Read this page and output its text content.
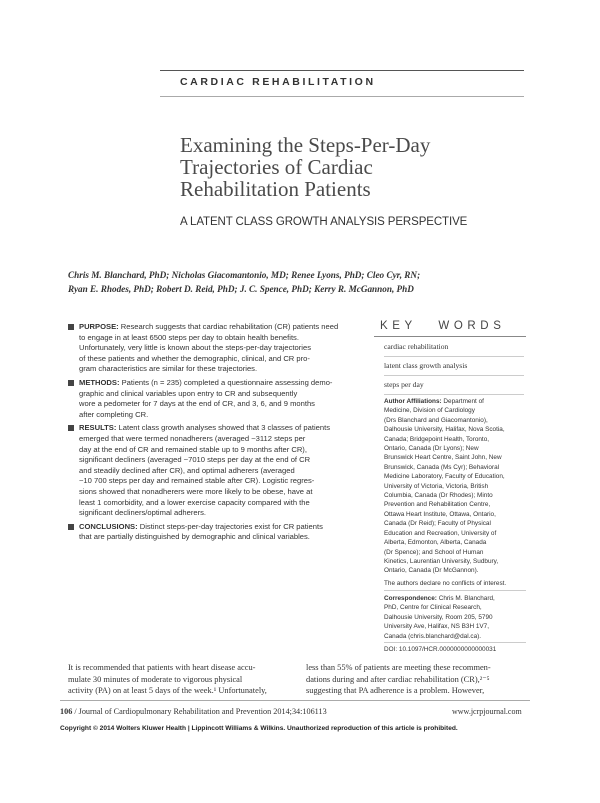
CARDIAC REHABILITATION
Examining the Steps-Per-Day
Trajectories of Cardiac
Rehabilitation Patients
A LATENT CLASS GROWTH ANALYSIS PERSPECTIVE
Chris M. Blanchard, PhD; Nicholas Giacomantonio, MD; Renee Lyons, PhD; Cleo Cyr, RN;
Ryan E. Rhodes, PhD; Robert D. Reid, PhD; J. C. Spence, PhD; Kerry R. McGannon, PhD
PURPOSE: Research suggests that cardiac rehabilitation (CR) patients need
to engage in at least 6500 steps per day to obtain health benefits.
Unfortunately, very little is known about the steps-per-day trajectories
of these patients and whether the demographic, clinical, and CR pro-
gram characteristics are similar for these trajectories.
METHODS: Patients (n = 235) completed a questionnaire assessing demo-
graphic and clinical variables upon entry to CR and subsequently
wore a pedometer for 7 days at the end of CR, and 3, 6, and 9 months
after completing CR.
RESULTS: Latent class growth analyses showed that 3 classes of patients
emerged that were termed nonadherers (averaged ~3112 steps per
day at the end of CR and remained stable up to 9 months after CR),
significant decliners (averaged ~7010 steps per day at the end of CR
and steadily declined after CR), and optimal adherers (averaged
~10 700 steps per day and remained stable after CR). Logistic regres-
sions showed that nonadherers were more likely to be obese, have at
least 1 comorbidity, and a lower exercise capacity compared with the
significant decliners/optimal adherers.
CONCLUSIONS: Distinct steps-per-day trajectories exist for CR patients
that are partially distinguished by demographic and clinical variables.
KEY WORDS
cardiac rehabilitation
latent class growth analysis
steps per day
Author Affiliations: Department of
Medicine, Division of Cardiology
(Drs Blanchard and Giacomantonio),
Dalhousie University, Halifax, Nova Scotia,
Canada; Bridgepoint Health, Toronto,
Ontario, Canada (Dr Lyons); New
Brunswick Heart Centre, Saint John, New
Brunswick, Canada (Ms Cyr); Behavioral
Medicine Laboratory, Faculty of Education,
University of Victoria, Victoria, British
Columbia, Canada (Dr Rhodes); Minto
Prevention and Rehabilitation Centre,
Ottawa Heart Institute, Ottawa, Ontario,
Canada (Dr Reid); Faculty of Physical
Education and Recreation, University of
Alberta, Edmonton, Alberta, Canada
(Dr Spence); and School of Human
Kinetics, Laurentian University, Sudbury,
Ontario, Canada (Dr McGannon).
The authors declare no conflicts of interest.
Correspondence: Chris M. Blanchard,
PhD, Centre for Clinical Research,
Dalhousie University, Room 205, 5790
University Ave, Halifax, NS B3H 1V7,
Canada (chris.blanchard@dal.ca).
DOI: 10.1097/HCR.0000000000000031
It is recommended that patients with heart disease accu-
mulate 30 minutes of moderate to vigorous physical
activity (PA) on at least 5 days of the week.¹ Unfortunately,
less than 55% of patients are meeting these recommen-
dations during and after cardiac rehabilitation (CR),²⁻⁵
suggesting that PA adherence is a problem. However,
106 / Journal of Cardiopulmonary Rehabilitation and Prevention 2014;34:106113	www.jcrpjournal.com
Copyright © 2014 Wolters Kluwer Health | Lippincott Williams & Wilkins. Unauthorized reproduction of this article is prohibited.
